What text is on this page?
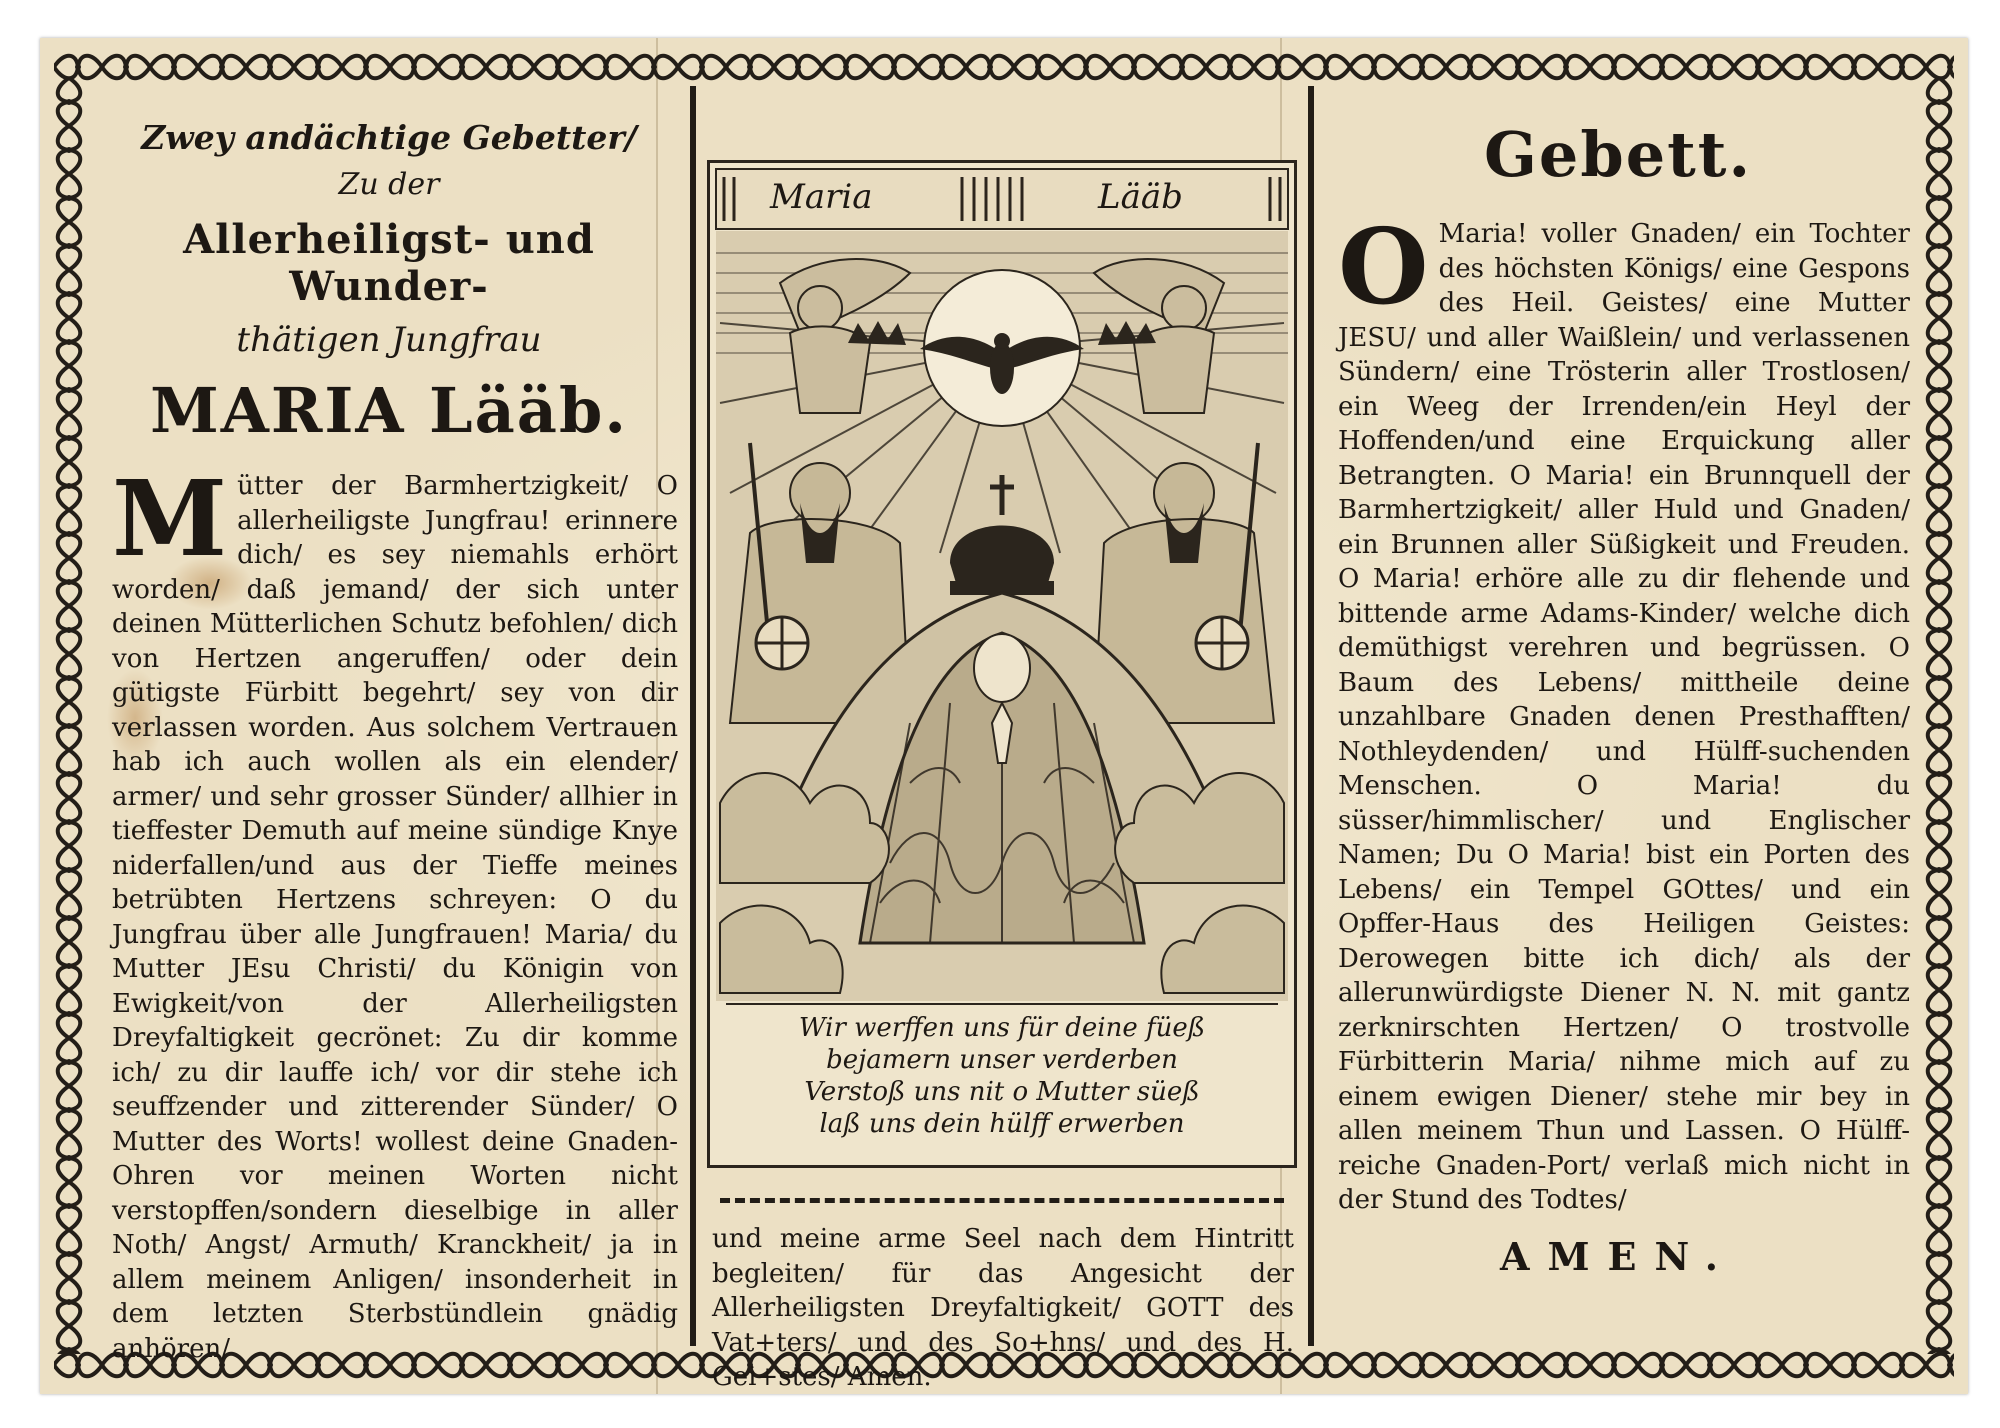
Zwey andächtige Gebetter/

Zu der

Allerheiligst- und Wunder-

thätigen Jungfrau

MARIA Lääb.

Mütter der Barmhertzigkeit/ O allerheiligste Jungfrau! erinnere dich/ es sey niemahls erhört worden/ daß jemand/ der sich unter deinen Mütterlichen Schutz befohlen/ dich von Hertzen angeruffen/ oder dein gütigste Fürbitt begehrt/ sey von dir verlassen worden. Aus solchem Vertrauen hab ich auch wollen als ein elender/ armer/ und sehr grosser Sünder/ allhier in tieffester Demuth auf meine sündige Knye niderfallen/und aus der Tieffe meines betrübten Hertzens schreyen: O du Jungfrau über alle Jungfrauen! Maria/ du Mutter JEsu Christi/ du Königin von Ewigkeit/von der Allerheiligsten Dreyfaltigkeit gecrönet: Zu dir komme ich/ zu dir lauffe ich/ vor dir stehe ich seuffzender und zitterender Sünder/ O Mutter des Worts! wollest deine Gnaden-Ohren vor meinen Worten nicht verstopffen/sondern dieselbige in aller Noth/ Angst/ Armuth/ Kranckheit/ ja in allem meinem Anligen/ insonderheit in dem letzten Sterbstündlein gnädig anhören/
Maria	Lääb
Wir werffen uns für deine füeß
bejamern unser verderben
Verstoß uns nit o Mutter süeß
laß uns dein hülff erwerben
und meine arme Seel nach dem Hintritt begleiten/ für das Angesicht der Allerheiligsten Dreyfaltigkeit/ GOTT des Vat+ters/ und des So+hns/ und des H. Gei+stes/ Amen.

Gebett.

O Maria! voller Gnaden/ ein Tochter des höchsten Königs/ eine Gespons des Heil. Geistes/ eine Mutter JESU/ und aller Waißlein/ und verlassenen Sündern/ eine Trösterin aller Trostlosen/ ein Weeg der Irrenden/ein Heyl der Hoffenden/und eine Erquickung aller Betrangten. O Maria! ein Brunnquell der Barmhertzigkeit/ aller Huld und Gnaden/ ein Brunnen aller Süßigkeit und Freuden. O Maria! erhöre alle zu dir flehende und bittende arme Adams-Kinder/ welche dich demüthigst verehren und begrüssen. O Baum des Lebens/ mittheile deine unzahlbare Gnaden denen Presthafften/ Nothleydenden/ und Hülff-suchenden Menschen. O Maria! du süsser/himmlischer/ und Englischer Namen; Du O Maria! bist ein Porten des Lebens/ ein Tempel GOttes/ und ein Opffer-Haus des Heiligen Geistes: Derowegen bitte ich dich/ als der allerunwürdigste Diener N. N. mit gantz zerknirschten Hertzen/ O trostvolle Fürbitterin Maria/ nihme mich auf zu einem ewigen Diener/ stehe mir bey in allen meinem Thun und Lassen. O Hülff-reiche Gnaden-Port/ verlaß mich nicht in der Stund des Todtes/
AMEN.
